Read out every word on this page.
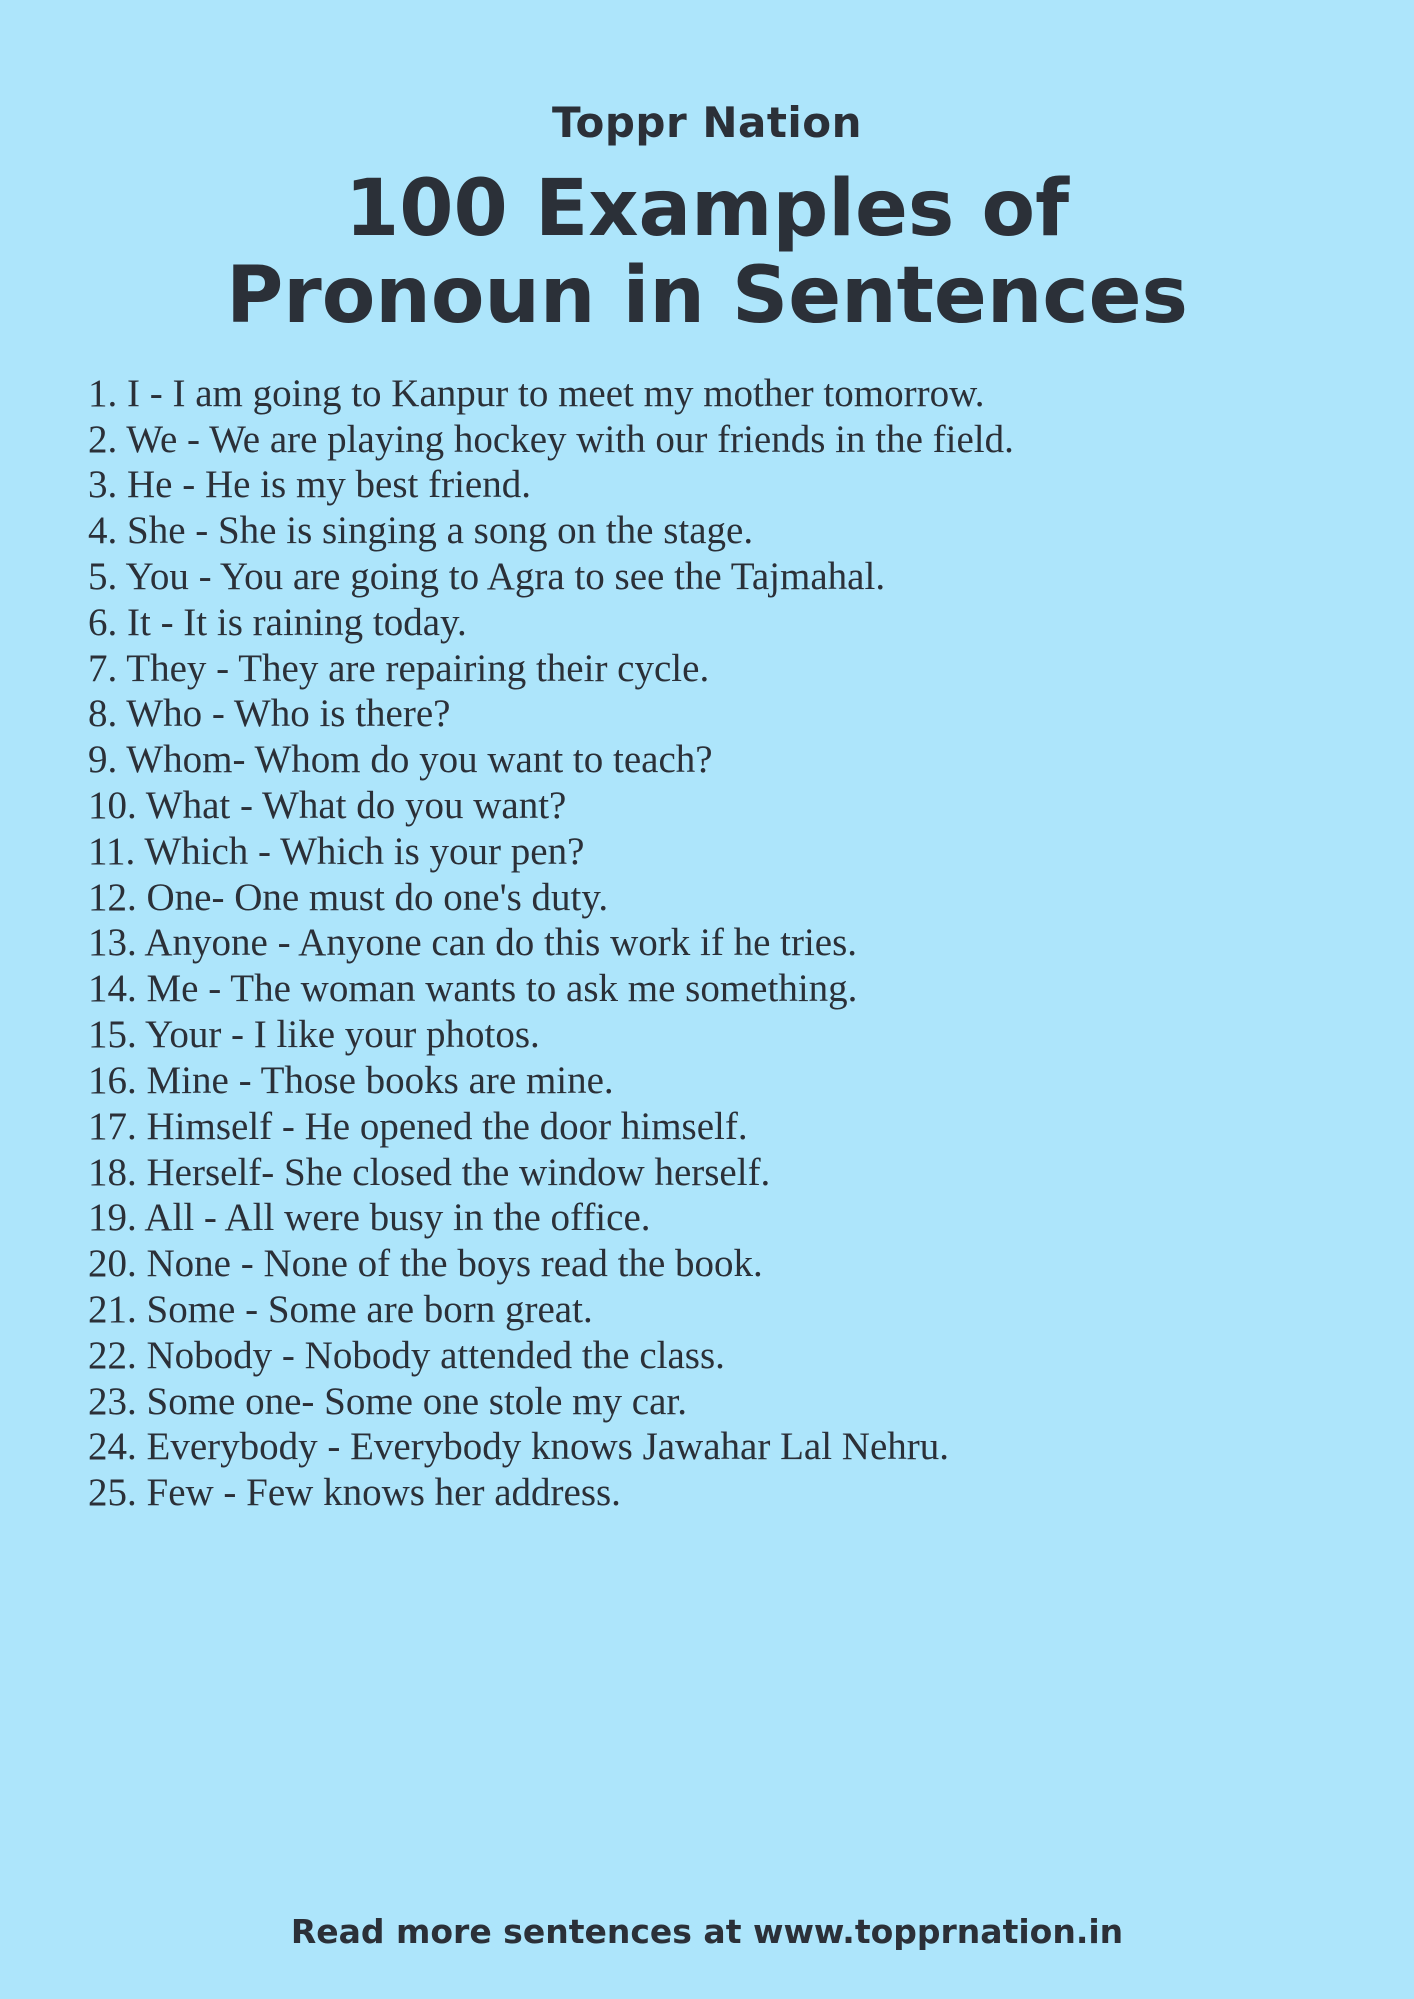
Toppr Nation
100 Examples of
Pronoun in Sentences
1. I - I am going to Kanpur to meet my mother tomorrow.
2. We - We are playing hockey with our friends in the field.
3. He - He is my best friend.
4. She - She is singing a song on the stage.
5. You - You are going to Agra to see the Tajmahal.
6. It - It is raining today.
7. They - They are repairing their cycle.
8. Who - Who is there?
9. Whom- Whom do you want to teach?
10. What - What do you want?
11. Which - Which is your pen?
12. One- One must do one's duty.
13. Anyone - Anyone can do this work if he tries.
14. Me - The woman wants to ask me something.
15. Your - I like your photos.
16. Mine - Those books are mine.
17. Himself - He opened the door himself.
18. Herself- She closed the window herself.
19. All - All were busy in the office.
20. None - None of the boys read the book.
21. Some - Some are born great.
22. Nobody - Nobody attended the class.
23. Some one- Some one stole my car.
24. Everybody - Everybody knows Jawahar Lal Nehru.
25. Few - Few knows her address.
Read more sentences at www.topprnation.in
